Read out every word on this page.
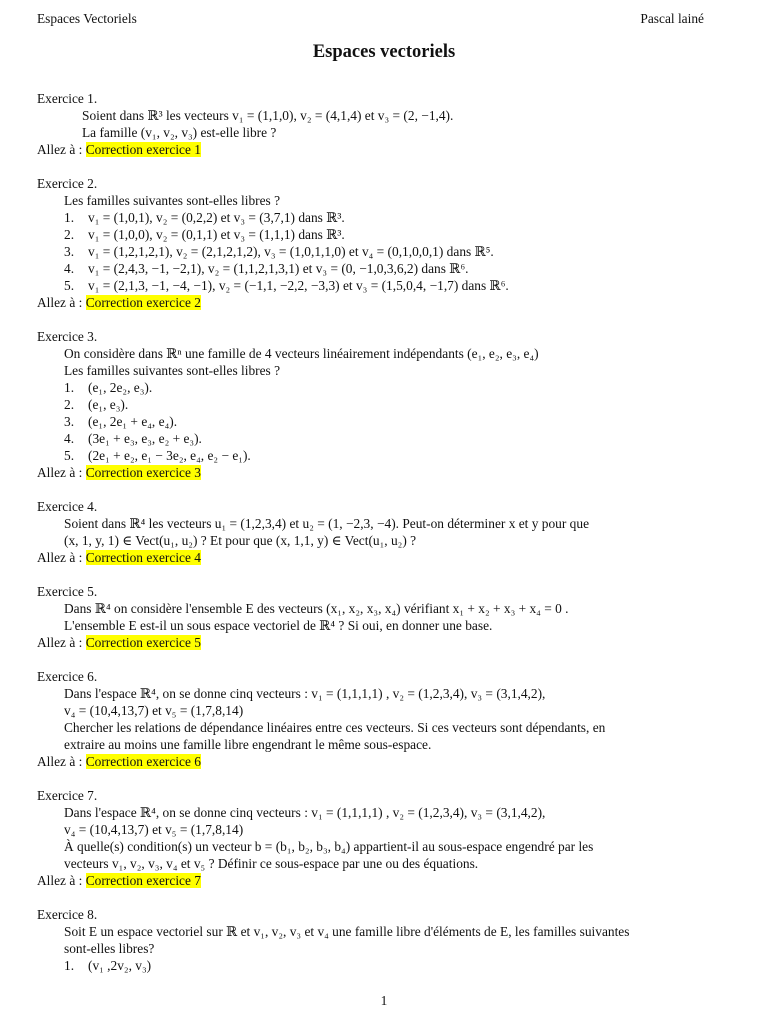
Espaces Vectoriels	Pascal lainé
Espaces vectoriels
Exercice 1.
Soient dans ℝ³ les vecteurs v₁ = (1,1,0), v₂ = (4,1,4) et v₃ = (2, −1,4).
La famille (v₁, v₂, v₃) est-elle libre ?
Allez à : Correction exercice 1
Exercice 2.
Les familles suivantes sont-elles libres ?
1. v₁ = (1,0,1), v₂ = (0,2,2) et v₃ = (3,7,1) dans ℝ³.
2. v₁ = (1,0,0), v₂ = (0,1,1) et v₃ = (1,1,1) dans ℝ³.
3. v₁ = (1,2,1,2,1), v₂ = (2,1,2,1,2), v₃ = (1,0,1,1,0) et v₄ = (0,1,0,0,1) dans ℝ⁵.
4. v₁ = (2,4,3, −1, −2,1), v₂ = (1,1,2,1,3,1) et v₃ = (0, −1,0,3,6,2) dans ℝ⁶.
5. v₁ = (2,1,3, −1, −4, −1), v₂ = (−1,1, −2,2, −3,3) et v₃ = (1,5,0,4, −1,7) dans ℝ⁶.
Allez à : Correction exercice 2
Exercice 3.
On considère dans ℝⁿ une famille de 4 vecteurs linéairement indépendants (e₁, e₂, e₃, e₄)
Les familles suivantes sont-elles libres ?
1. (e₁, 2e₂, e₃).
2. (e₁, e₃).
3. (e₁, 2e₁ + e₄, e₄).
4. (3e₁ + e₃, e₃, e₂ + e₃).
5. (2e₁ + e₂, e₁ − 3e₂, e₄, e₂ − e₁).
Allez à : Correction exercice 3
Exercice 4.
Soient dans ℝ⁴ les vecteurs u₁ = (1,2,3,4) et u₂ = (1, −2,3, −4). Peut-on déterminer x et y pour que
(x, 1, y, 1) ∈ Vect(u₁, u₂) ? Et pour que (x, 1,1, y) ∈ Vect(u₁, u₂) ?
Allez à : Correction exercice 4
Exercice 5.
Dans ℝ⁴ on considère l'ensemble E des vecteurs (x₁, x₂, x₃, x₄) vérifiant x₁ + x₂ + x₃ + x₄ = 0 .
L'ensemble E est-il un sous espace vectoriel de ℝ⁴ ? Si oui, en donner une base.
Allez à : Correction exercice 5
Exercice 6.
Dans l'espace ℝ⁴, on se donne cinq vecteurs : v₁ = (1,1,1,1) , v₂ = (1,2,3,4), v₃ = (3,1,4,2),
v₄ = (10,4,13,7) et v₅ = (1,7,8,14)
Chercher les relations de dépendance linéaires entre ces vecteurs. Si ces vecteurs sont dépendants, en
extraire au moins une famille libre engendrant le même sous-espace.
Allez à : Correction exercice 6
Exercice 7.
Dans l'espace ℝ⁴, on se donne cinq vecteurs : v₁ = (1,1,1,1) , v₂ = (1,2,3,4), v₃ = (3,1,4,2),
v₄ = (10,4,13,7) et v₅ = (1,7,8,14)
À quelle(s) condition(s) un vecteur b = (b₁, b₂, b₃, b₄) appartient-il au sous-espace engendré par les
vecteurs v₁, v₂, v₃, v₄ et v₅ ? Définir ce sous-espace par une ou des équations.
Allez à : Correction exercice 7
Exercice 8.
Soit E un espace vectoriel sur ℝ et v₁, v₂, v₃ et v₄ une famille libre d'éléments de E, les familles suivantes
sont-elles libres?
1. (v₁ ,2v₂, v₃)
1
